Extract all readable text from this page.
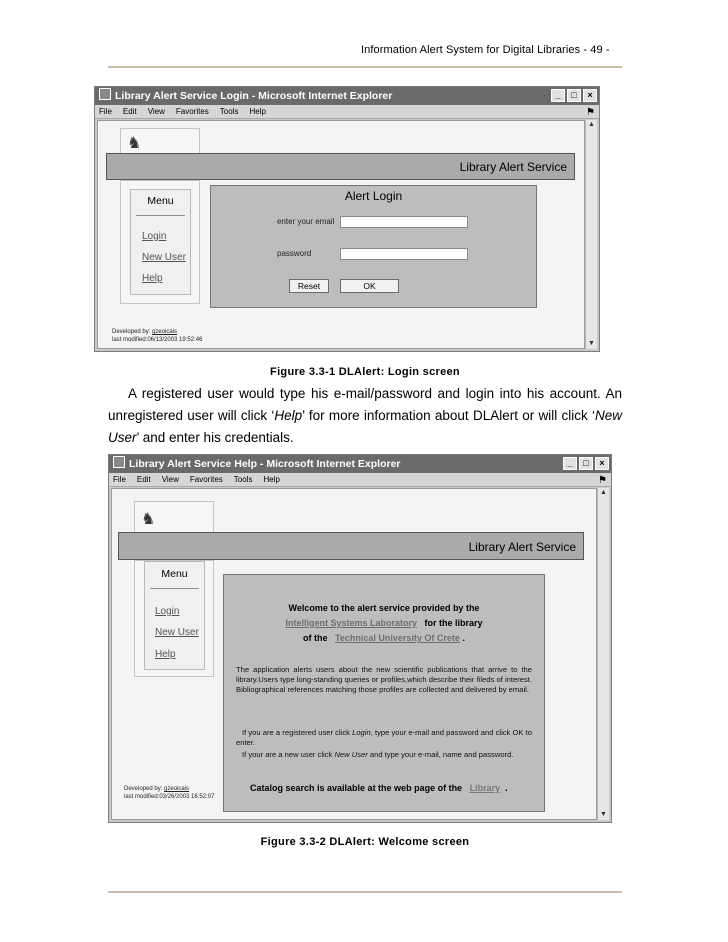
Information Alert System for Digital Libraries - 49 -
Library Alert Service Login - Microsoft Internet Explorer	_	□	×
File Edit View Favorites Tools Help	⚑
♞
Library Alert Service
Menu
Login
New User
Help
Alert Login
enter your email
password
Reset	OK
Developed by: gzeoicais
last modified:06/13/2003 19:52:46
▲
▼
Figure 3.3-1 DLAlert: Login screen
A registered user would type his e-mail/password and login into his account. An unregistered user will click ‘Help’ for more information about DLAlert or will click ‘New User’ and enter his credentials.
Library Alert Service Help - Microsoft Internet Explorer	_	□	×
File Edit View Favorites Tools Help	⚑
♞
Library Alert Service
Menu
Login
New User
Help
Welcome to the alert service provided by the
Intelligent Systems Laboratory for the library
of the Technical University Of Crete .
The application alerts users about the new scientific publications that arrive to the library.Users type long-standing queries or profiles,which describe their fileds of interest. Bibliographical references matching those profiles are collected and delivered by email.
If you are a registered user click Login, type your e-mail and password and click OK to enter.
If your are a new user click New User and type your e-mail, name and password.
Catalog search is available at the web page of the Library .
Developed by: gzeoicais
last modified:03/26/2003 16:52:07
▲
▼
Figure 3.3-2 DLAlert: Welcome screen
